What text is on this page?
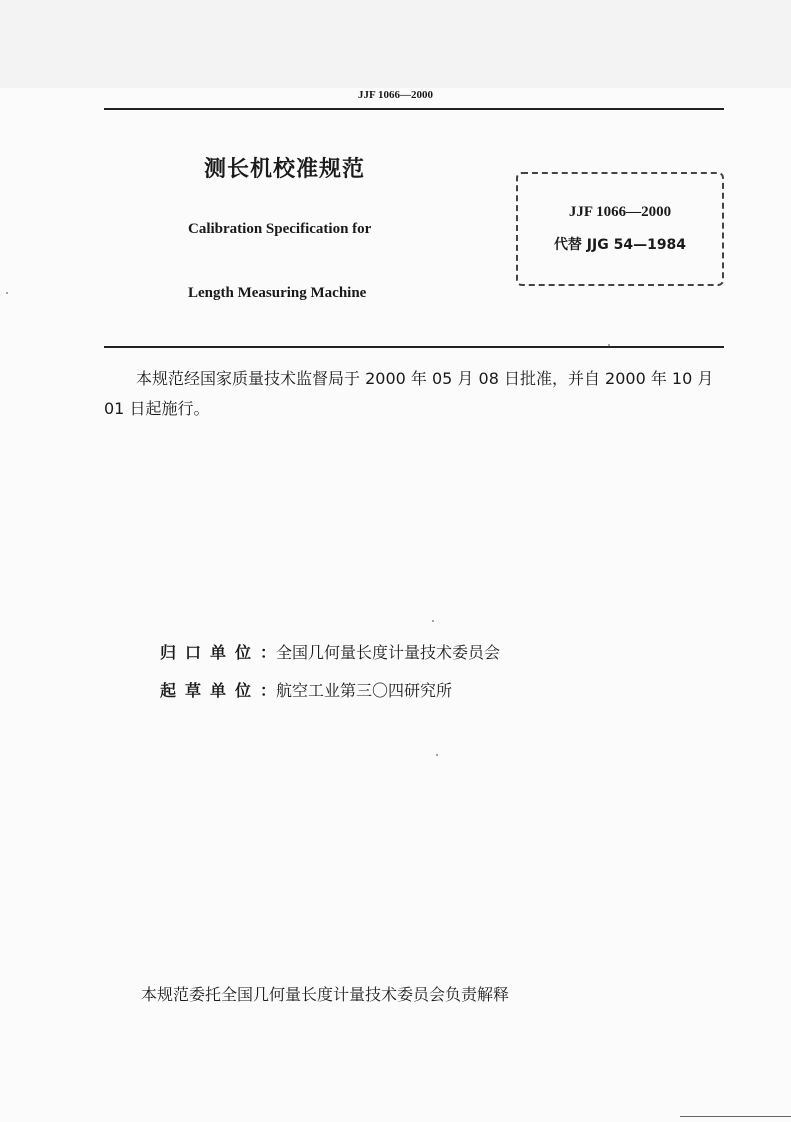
JJF 1066—2000
测长机校准规范
Calibration Specification for
Length Measuring Machine
JJF 1066—2000
代替 JJG 54—1984
本规范经国家质量技术监督局于 2000 年 05 月 08 日批准，并自 2000 年 10 月 01 日起施行。
归口单位：全国几何量长度计量技术委员会
起草单位：航空工业第三〇四研究所
本规范委托全国几何量长度计量技术委员会负责解释
